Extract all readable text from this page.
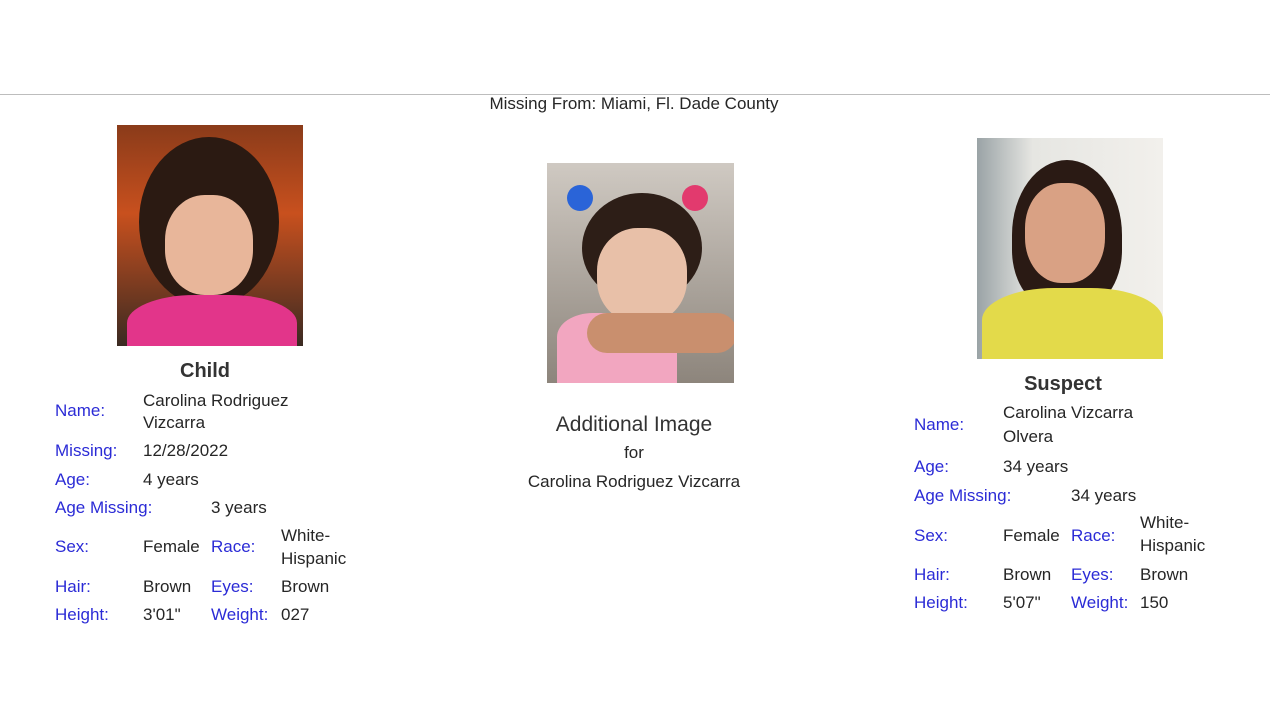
Missing From: Miami, Fl. Dade County
Child
Name:
Carolina Rodriguez
Vizcarra
Missing: 12/28/2022
Age:	4 years
Age Missing:	3 years
Sex:	Female Race:
White-
Hispanic
Hair:	Brown Eyes: Brown
Height: 3'01" Weight: 027
Additional Image
for
Carolina Rodriguez Vizcarra
Suspect
Name:
Carolina Vizcarra
Olvera
Age:	34 years
Age Missing:	34 years
Sex:	Female Race:
White-
Hispanic
Hair:	Brown Eyes: Brown
Height: 5'07" Weight: 150
